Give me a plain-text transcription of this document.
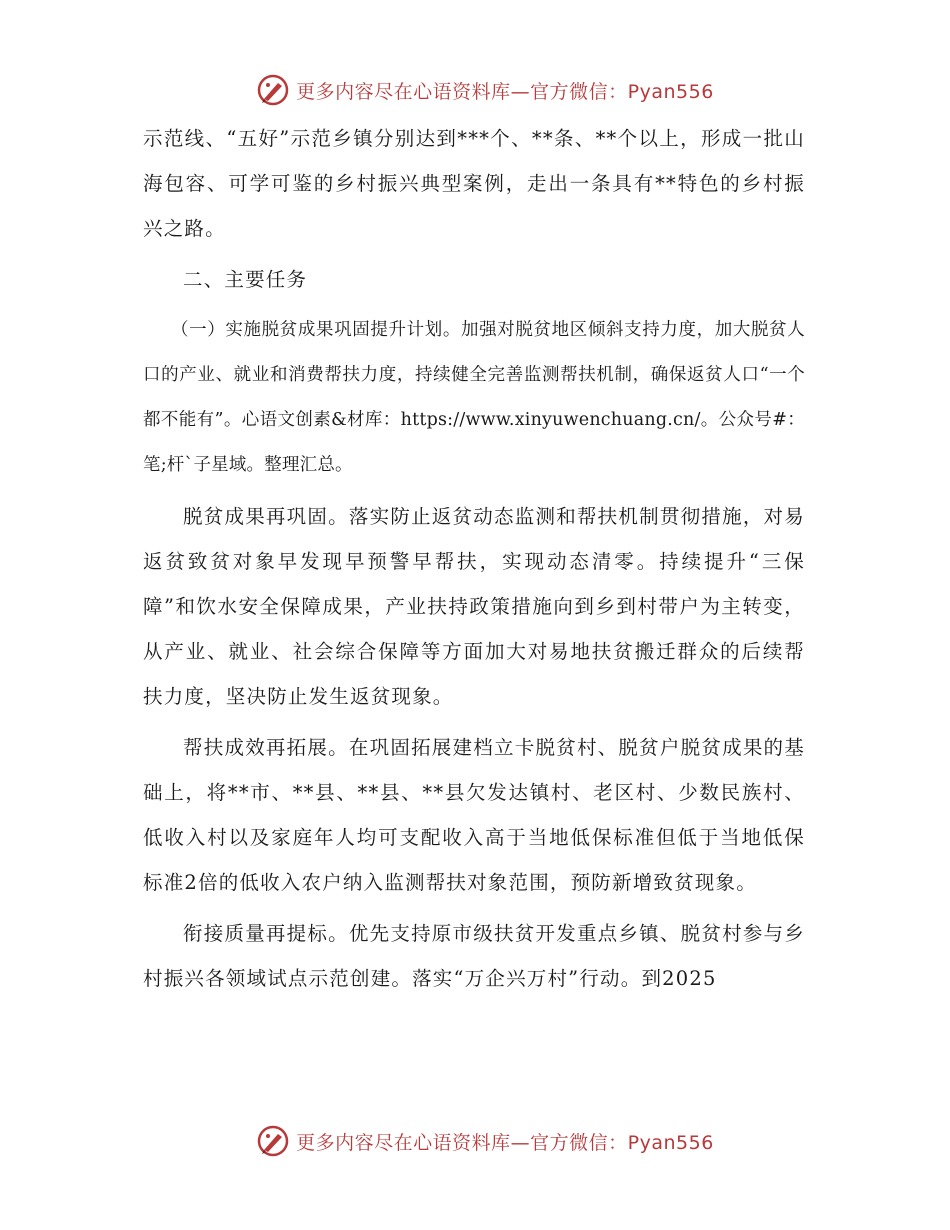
更多内容尽在心语资料库—官方微信：Pyan556

示范线、“五好”示范乡镇分别达到***个、**条、**个以上，形成一批山海包容、可学可鉴的乡村振兴典型案例，走出一条具有**特色的乡村振兴之路。

二、主要任务

（一）实施脱贫成果巩固提升计划。加强对脱贫地区倾斜支持力度，加大脱贫人口的产业、就业和消费帮扶力度，持续健全完善监测帮扶机制，确保返贫人口“一个都不能有”。心语文创素&材库：https://www.xinyuwenchuang.cn/。公众号#：笔;杆`子星域。整理汇总。

脱贫成果再巩固。落实防止返贫动态监测和帮扶机制贯彻措施，对易返贫致贫对象早发现早预警早帮扶，实现动态清零。持续提升“三保障”和饮水安全保障成果，产业扶持政策措施向到乡到村带户为主转变，从产业、就业、社会综合保障等方面加大对易地扶贫搬迁群众的后续帮扶力度，坚决防止发生返贫现象。

帮扶成效再拓展。在巩固拓展建档立卡脱贫村、脱贫户脱贫成果的基础上，将**市、**县、**县、**县欠发达镇村、老区村、少数民族村、低收入村以及家庭年人均可支配收入高于当地低保标准但低于当地低保标准2倍的低收入农户纳入监测帮扶对象范围，预防新增致贫现象。

衔接质量再提标。优先支持原市级扶贫开发重点乡镇、脱贫村参与乡村振兴各领域试点示范创建。落实“万企兴万村”行动。到2025

更多内容尽在心语资料库—官方微信：Pyan556
